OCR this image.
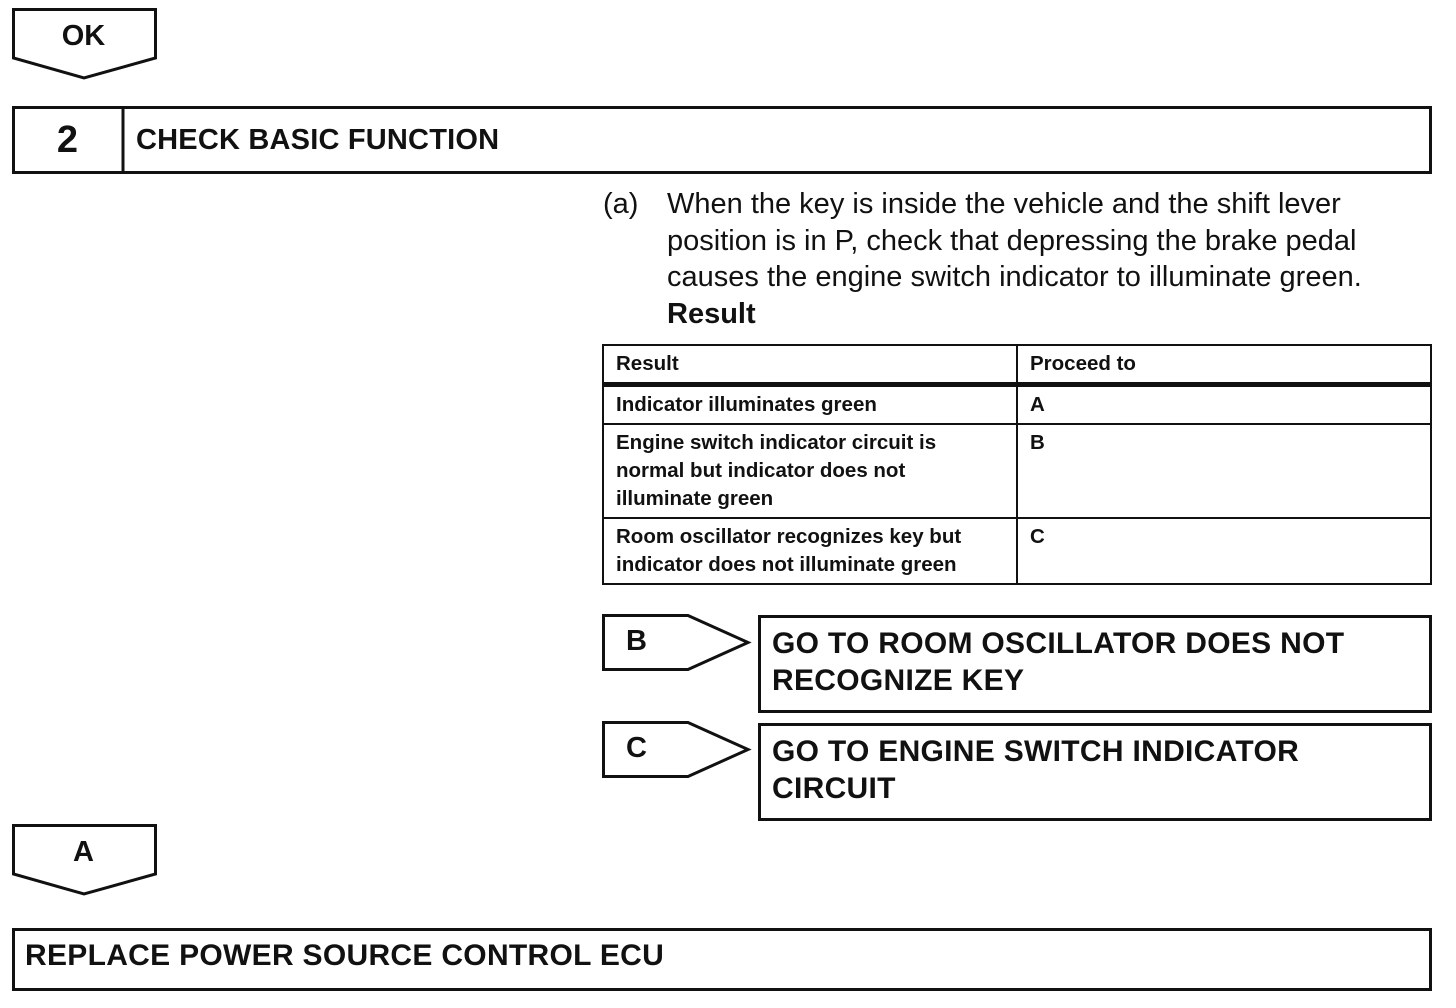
OK
2	CHECK BASIC FUNCTION
(a) When the key is inside the vehicle and the shift lever position is in P, check that depressing the brake pedal causes the engine switch indicator to illuminate green.
Result
Result	Proceed to
Indicator illuminates green	A
Engine switch indicator circuit is normal but indicator does not illuminate green	B
Room oscillator recognizes key but indicator does not illuminate green	C
B	GO TO ROOM OSCILLATOR DOES NOT RECOGNIZE KEY
C	GO TO ENGINE SWITCH INDICATOR CIRCUIT
A
REPLACE POWER SOURCE CONTROL ECU
